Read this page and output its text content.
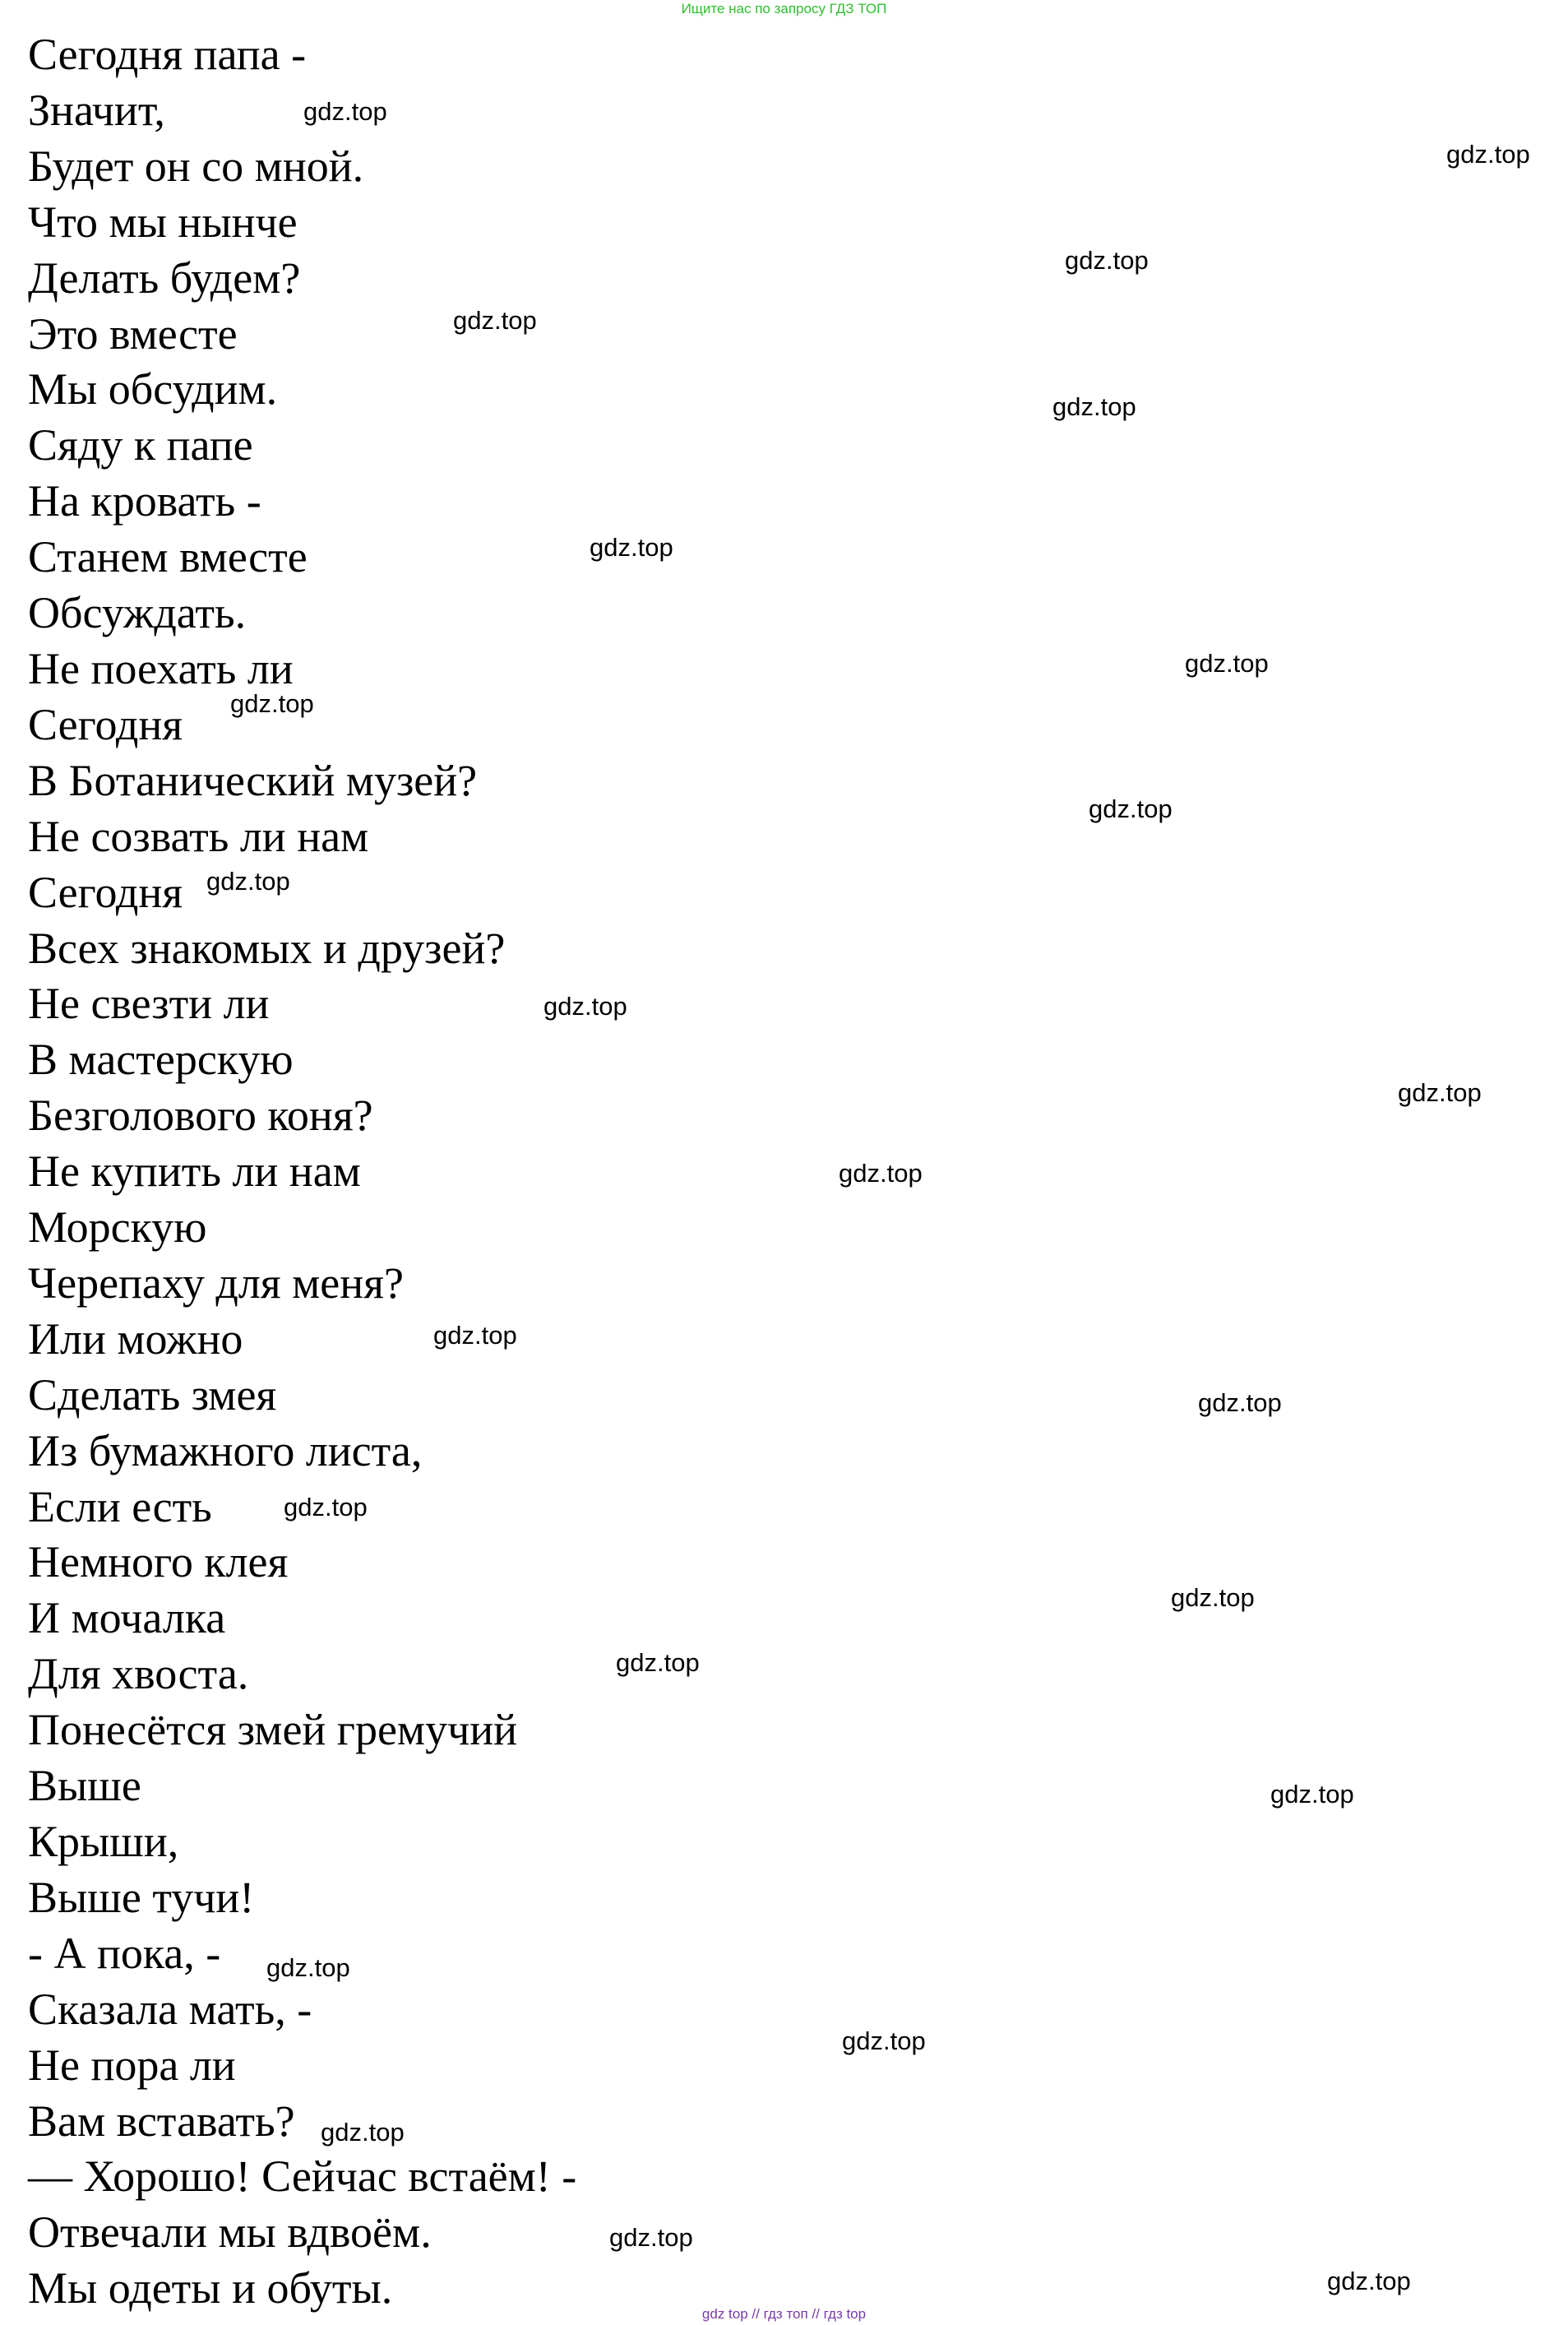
Ищите нас по запросу ГДЗ ТОП
Сегодня папа -
Значит,
Будет он со мной.
Что мы нынче
Делать будем?
Это вместе
Мы обсудим.
Сяду к папе
На кровать -
Станем вместе
Обсуждать.
Не поехать ли
Сегодня
В Ботанический музей?
Не созвать ли нам
Сегодня
Всех знакомых и друзей?
Не свезти ли
В мастерскую
Безголового коня?
Не купить ли нам
Морскую
Черепаху для меня?
Или можно
Сделать змея
Из бумажного листа,
Если есть
Немного клея
И мочалка
Для хвоста.
Понесётся змей гремучий
Выше
Крыши,
Выше тучи!
- А пока, -
Сказала мать, -
Не пора ли
Вам вставать?
— Хорошо! Сейчас встаём! -
Отвечали мы вдвоём.
Мы одеты и обуты.
gdz.top
gdz.top
gdz.top
gdz.top
gdz.top
gdz.top
gdz.top
gdz.top
gdz.top
gdz.top
gdz.top
gdz.top
gdz.top
gdz.top
gdz.top
gdz.top
gdz.top
gdz.top
gdz.top
gdz.top
gdz.top
gdz.top
gdz.top
gdz.top
gdz top // гдз топ // гдз top
